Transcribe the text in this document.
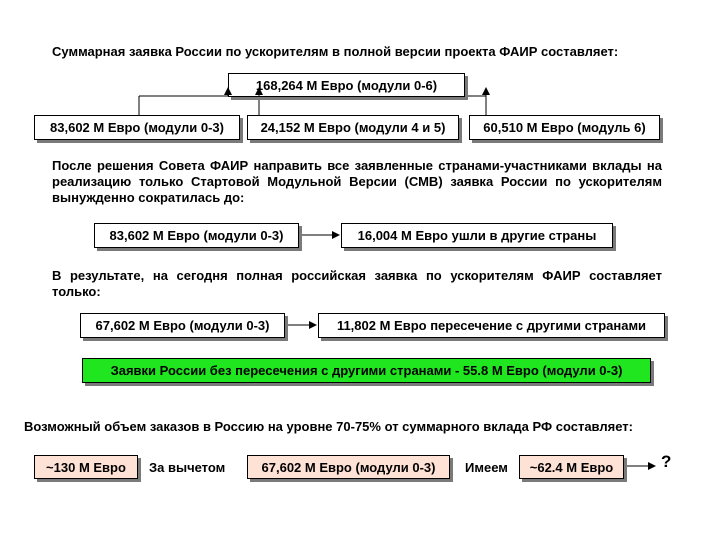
Суммарная заявка России по ускорителям в полной версии проекта ФАИР составляет:
168,264 М Евро (модули 0-6)
83,602 М Евро (модули 0-3)	24,152 М Евро (модули 4 и 5)	60,510 М Евро (модуль 6)
После решения Совета ФАИР направить все заявленные странами-участниками вклады на реализацию только Стартовой Модульной Версии (СМВ) заявка России по ускорителям вынужденно сократилась до:
83,602 М Евро (модули 0-3)	16,004 М Евро ушли в другие страны
В результате, на сегодня полная российская заявка по ускорителям ФАИР составляет только:
67,602 М Евро (модули 0-3)	11,802 М Евро пересечение с другими странами
Заявки России без пересечения с другими странами - 55.8 М Евро (модули 0-3)
Возможный объем заказов в Россию на уровне 70-75% от суммарного вклада РФ составляет:
~130 М Евро	За вычетом	67,602 М Евро (модули 0-3)	Имеем	~62.4 М Евро	?
